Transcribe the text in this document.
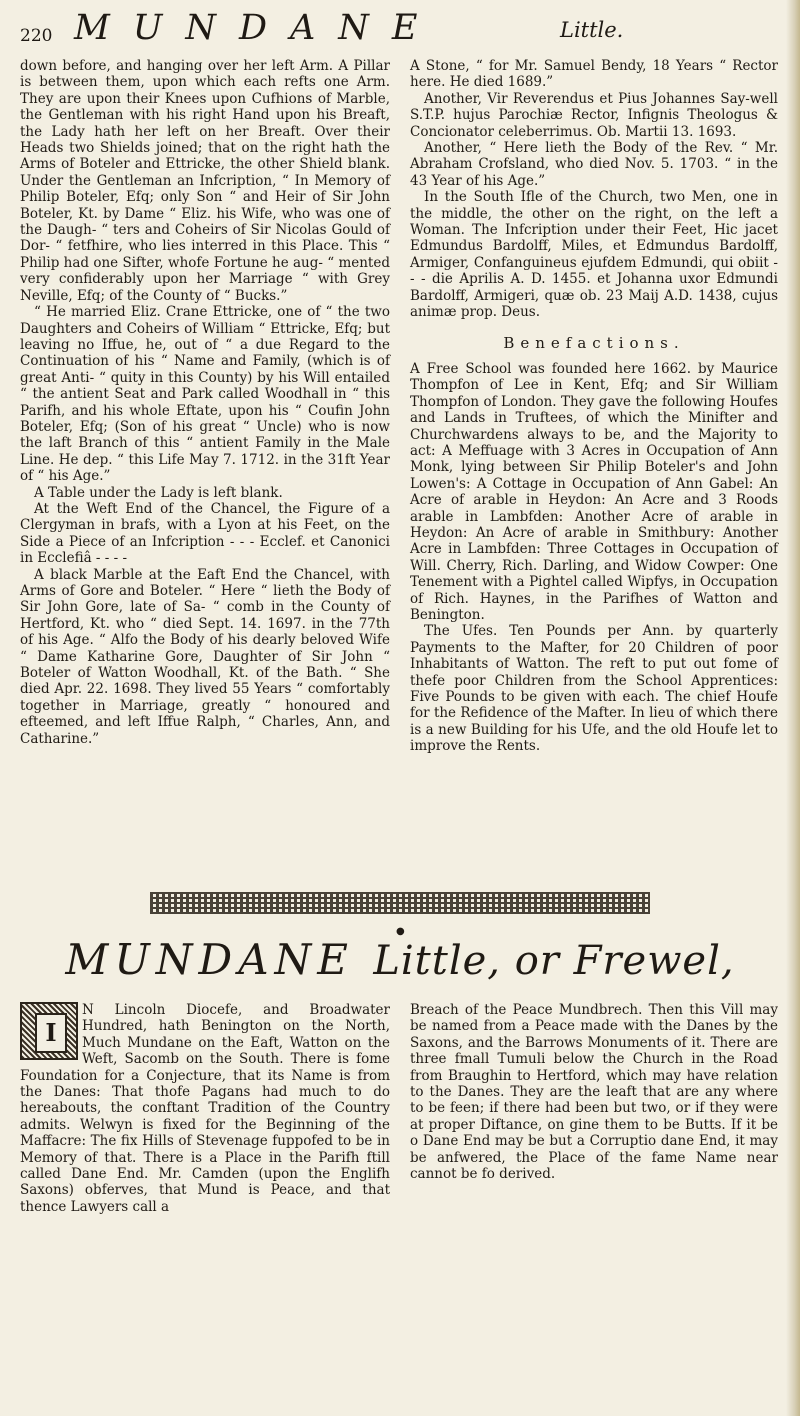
220 MUNDANE	Little.

down before, and hanging over her left Arm. A Pillar is between them, upon which each refts one Arm. They are upon their Knees upon Cufhions of Marble, the Gentleman with his right Hand upon his Breaft, the Lady hath her left on her Breaft. Over their Heads two Shields joined; that on the right hath the Arms of Boteler and Ettricke, the other Shield blank. Under the Gentleman an Infcription, “ In Memory of Philip Boteler, Efq; only Son “ and Heir of Sir John Boteler, Kt. by Dame “ Eliz. his Wife, who was one of the Daugh- “ ters and Coheirs of Sir Nicolas Gould of Dor- “ fetfhire, who lies interred in this Place. This “ Philip had one Sifter, whofe Fortune he aug- “ mented very confiderably upon her Marriage “ with Grey Neville, Efq; of the County of “ Bucks.”

“ He married Eliz. Crane Ettricke, one of “ the two Daughters and Coheirs of William “ Ettricke, Efq; but leaving no Iffue, he, out of “ a due Regard to the Continuation of his “ Name and Family, (which is of great Anti- “ quity in this County) by his Will entailed “ the antient Seat and Park called Woodhall in “ this Parifh, and his whole Eftate, upon his “ Coufin John Boteler, Efq; (Son of his great “ Uncle) who is now the laft Branch of this “ antient Family in the Male Line. He dep. “ this Life May 7. 1712. in the 31ft Year of “ his Age.”

A Table under the Lady is left blank.

At the Weft End of the Chancel, the Figure of a Clergyman in brafs, with a Lyon at his Feet, on the Side a Piece of an Infcription - - - Ecclef. et Canonici in Ecclefiâ - - - -

A black Marble at the Eaft End the Chancel, with Arms of Gore and Boteler. “ Here “ lieth the Body of Sir John Gore, late of Sa- “ comb in the County of Hertford, Kt. who “ died Sept. 14. 1697. in the 77th of his Age. “ Alfo the Body of his dearly beloved Wife “ Dame Katharine Gore, Daughter of Sir John “ Boteler of Watton Woodhall, Kt. of the Bath. “ She died Apr. 22. 1698. They lived 55 Years “ comfortably together in Marriage, greatly “ honoured and efteemed, and left Iffue Ralph, “ Charles, Ann, and Catharine.”

A Stone, “ for Mr. Samuel Bendy, 18 Years “ Rector here. He died 1689.”

Another, Vir Reverendus et Pius Johannes Say-well S.T.P. hujus Parochiæ Rector, Infignis Theologus & Concionator celeberrimus. Ob. Martii 13. 1693.

Another, “ Here lieth the Body of the Rev. “ Mr. Abraham Crofsland, who died Nov. 5. 1703. “ in the 43 Year of his Age.”

In the South Ifle of the Church, two Men, one in the middle, the other on the right, on the left a Woman. The Infcription under their Feet, Hic jacet Edmundus Bardolff, Miles, et Edmundus Bardolff, Armiger, Confanguineus ejufdem Edmundi, qui obiit - - - die Aprilis A. D. 1455. et Johanna uxor Edmundi Bardolff, Armigeri, quæ ob. 23 Maij A.D. 1438, cujus animæ prop. Deus.

Benefactions.

A Free School was founded here 1662. by Maurice Thompfon of Lee in Kent, Efq; and Sir William Thompfon of London. They gave the following Houfes and Lands in Truftees, of which the Minifter and Churchwardens always to be, and the Majority to act: A Meffuage with 3 Acres in Occupation of Ann Monk, lying between Sir Philip Boteler's and John Lowen's: A Cottage in Occupation of Ann Gabel: An Acre of arable in Heydon: An Acre and 3 Roods arable in Lambfden: Another Acre of arable in Heydon: An Acre of arable in Smithbury: Another Acre in Lambfden: Three Cottages in Occupation of Will. Cherry, Rich. Darling, and Widow Cowper: One Tenement with a Pightel called Wipfys, in Occupation of Rich. Haynes, in the Parifhes of Watton and Benington.

The Ufes. Ten Pounds per Ann. by quarterly Payments to the Mafter, for 20 Children of poor Inhabitants of Watton. The reft to put out fome of thefe poor Children from the School Apprentices: Five Pounds to be given with each. The chief Houfe for the Refidence of the Mafter. In lieu of which there is a new Building for his Ufe, and the old Houfe let to improve the Rents.

●
MUNDANE Little, or Frewel,
I

N Lincoln Diocefe, and Broadwater Hundred, hath Benington on the North, Much Mundane on the Eaft, Watton on the Weft, Sacomb on the South. There is fome Foundation for a Conjecture, that its Name is from the Danes: That thofe Pagans had much to do hereabouts, the conftant Tradition of the Country admits. Welwyn is fixed for the Beginning of the Maffacre: The fix Hills of Stevenage fuppofed to be in Memory of that. There is a Place in the Parifh ftill called Dane End. Mr. Camden (upon the Englifh Saxons) obferves, that Mund is Peace, and that thence Lawyers call a

Breach of the Peace Mundbrech. Then this Vill may be named from a Peace made with the Danes by the Saxons, and the Barrows Monuments of it. There are three fmall Tumuli below the Church in the Road from Braughin to Hertford, which may have relation to the Danes. They are the leaft that are any where to be feen; if there had been but two, or if they were at proper Diftance, on gine them to be Butts. If it be o Dane End may be but a Corruptio dane End, it may be anfwered, the Place of the fame Name near cannot be fo derived.
